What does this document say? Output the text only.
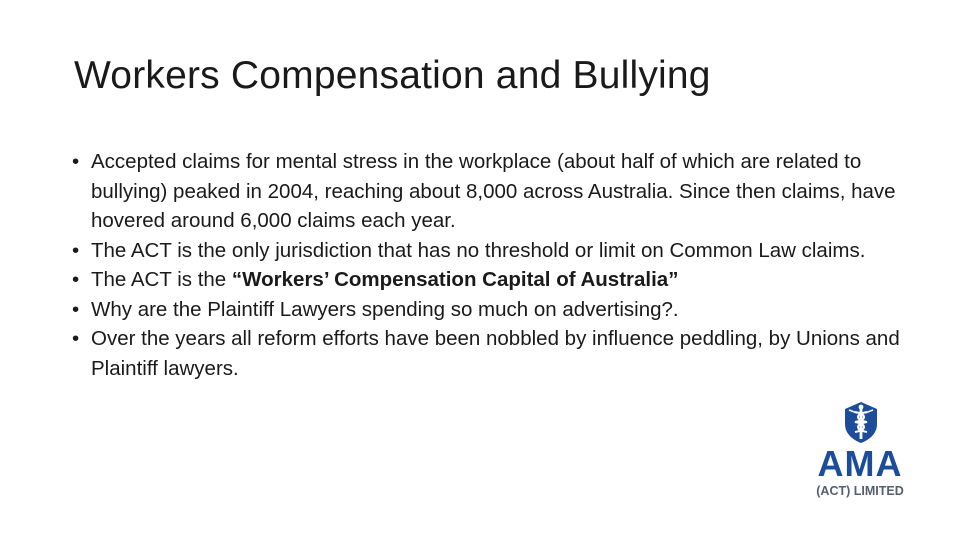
Workers Compensation and Bullying
• Accepted claims for mental stress in the workplace (about half of which are related to bullying) peaked in 2004, reaching about 8,000 across Australia. Since then claims, have hovered around 6,000 claims each year.
• The ACT is the only jurisdiction that has no threshold or limit on Common Law claims.
• The ACT is the “Workers’ Compensation Capital of Australia”
• Why are the Plaintiff Lawyers spending so much on advertising?.
• Over the years all reform efforts have been nobbled by influence peddling, by Unions and Plaintiff lawyers.
AMA
(ACT) LIMITED
